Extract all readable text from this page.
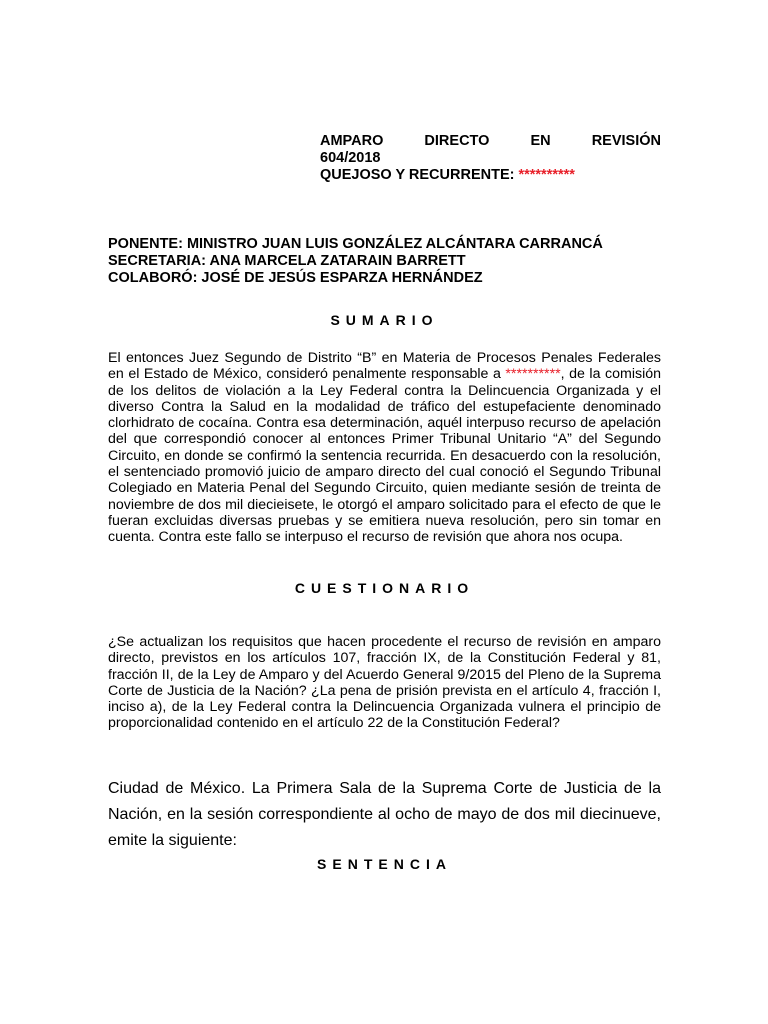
AMPARO DIRECTO EN REVISIÓN
604/2018
QUEJOSO Y RECURRENTE: **********
PONENTE: MINISTRO JUAN LUIS GONZÁLEZ ALCÁNTARA CARRANCÁ
SECRETARIA: ANA MARCELA ZATARAIN BARRETT
COLABORÓ: JOSÉ DE JESÚS ESPARZA HERNÁNDEZ
SUMARIO
El entonces Juez Segundo de Distrito “B” en Materia de Procesos Penales Federales en el Estado de México, consideró penalmente responsable a **********, de la comisión de los delitos de violación a la Ley Federal contra la Delincuencia Organizada y el diverso Contra la Salud en la modalidad de tráfico del estupefaciente denominado clorhidrato de cocaína. Contra esa determinación, aquél interpuso recurso de apelación del que correspondió conocer al entonces Primer Tribunal Unitario “A” del Segundo Circuito, en donde se confirmó la sentencia recurrida. En desacuerdo con la resolución, el sentenciado promovió juicio de amparo directo del cual conoció el Segundo Tribunal Colegiado en Materia Penal del Segundo Circuito, quien mediante sesión de treinta de noviembre de dos mil diecieisete, le otorgó el amparo solicitado para el efecto de que le fueran excluidas diversas pruebas y se emitiera nueva resolución, pero sin tomar en cuenta. Contra este fallo se interpuso el recurso de revisión que ahora nos ocupa.
CUESTIONARIO
¿Se actualizan los requisitos que hacen procedente el recurso de revisión en amparo directo, previstos en los artículos 107, fracción IX, de la Constitución Federal y 81, fracción II, de la Ley de Amparo y del Acuerdo General 9/2015 del Pleno de la Suprema Corte de Justicia de la Nación? ¿La pena de prisión prevista en el artículo 4, fracción I, inciso a), de la Ley Federal contra la Delincuencia Organizada vulnera el principio de proporcionalidad contenido en el artículo 22 de la Constitución Federal?
Ciudad de México. La Primera Sala de la Suprema Corte de Justicia de la Nación, en la sesión correspondiente al ocho de mayo de dos mil diecinueve, emite la siguiente:
SENTENCIA
